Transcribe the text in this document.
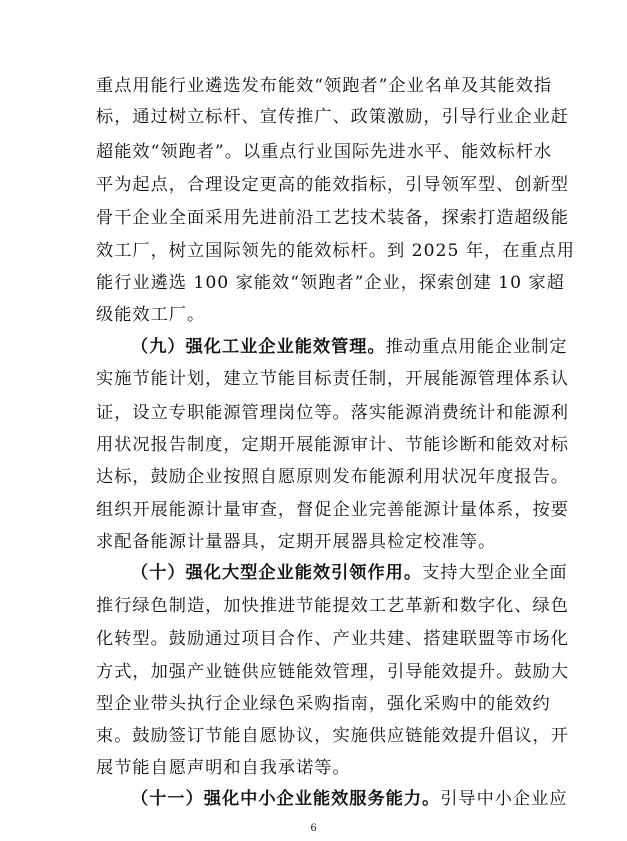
重点用能行业遴选发布能效“领跑者”企业名单及其能效指
标，通过树立标杆、宣传推广、政策激励，引导行业企业赶
超能效“领跑者”。以重点行业国际先进水平、能效标杆水
平为起点，合理设定更高的能效指标，引导领军型、创新型
骨干企业全面采用先进前沿工艺技术装备，探索打造超级能
效工厂，树立国际领先的能效标杆。到 2025 年，在重点用
能行业遴选 100 家能效“领跑者”企业，探索创建 10 家超
级能效工厂。
（九）强化工业企业能效管理。推动重点用能企业制定
实施节能计划，建立节能目标责任制，开展能源管理体系认
证，设立专职能源管理岗位等。落实能源消费统计和能源利
用状况报告制度，定期开展能源审计、节能诊断和能效对标
达标，鼓励企业按照自愿原则发布能源利用状况年度报告。
组织开展能源计量审查，督促企业完善能源计量体系，按要
求配备能源计量器具，定期开展器具检定校准等。
（十）强化大型企业能效引领作用。支持大型企业全面
推行绿色制造，加快推进节能提效工艺革新和数字化、绿色
化转型。鼓励通过项目合作、产业共建、搭建联盟等市场化
方式，加强产业链供应链能效管理，引导能效提升。鼓励大
型企业带头执行企业绿色采购指南，强化采购中的能效约
束。鼓励签订节能自愿协议，实施供应链能效提升倡议，开
展节能自愿声明和自我承诺等。
（十一）强化中小企业能效服务能力。引导中小企业应
6
